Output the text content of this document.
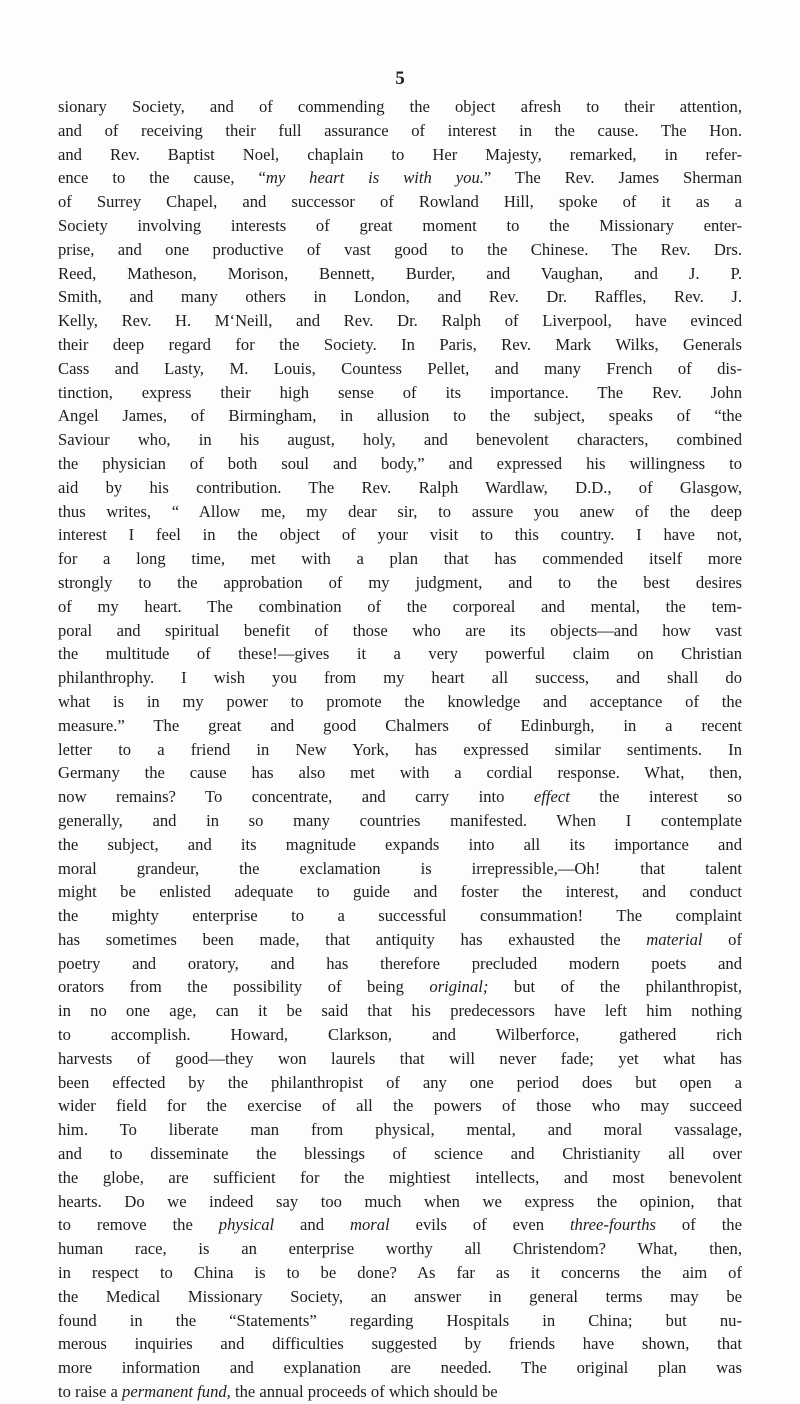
5
sionary Society, and of commending the object afresh to their attention,
and of receiving their full assurance of interest in the cause. The Hon.
and Rev. Baptist Noel, chaplain to Her Majesty, remarked, in refer-
ence to the cause, “my heart is with you.” The Rev. James Sherman
of Surrey Chapel, and successor of Rowland Hill, spoke of it as a
Society involving interests of great moment to the Missionary enter-
prise, and one productive of vast good to the Chinese. The Rev. Drs.
Reed, Matheson, Morison, Bennett, Burder, and Vaughan, and J. P.
Smith, and many others in London, and Rev. Dr. Raffles, Rev. J.
Kelly, Rev. H. M‘Neill, and Rev. Dr. Ralph of Liverpool, have evinced
their deep regard for the Society. In Paris, Rev. Mark Wilks, Generals
Cass and Lasty, M. Louis, Countess Pellet, and many French of dis-
tinction, express their high sense of its importance. The Rev. John
Angel James, of Birmingham, in allusion to the subject, speaks of “the
Saviour who, in his august, holy, and benevolent characters, combined
the physician of both soul and body,” and expressed his willingness to
aid by his contribution. The Rev. Ralph Wardlaw, D.D., of Glasgow,
thus writes, “ Allow me, my dear sir, to assure you anew of the deep
interest I feel in the object of your visit to this country. I have not,
for a long time, met with a plan that has commended itself more
strongly to the approbation of my judgment, and to the best desires
of my heart. The combination of the corporeal and mental, the tem-
poral and spiritual benefit of those who are its objects—and how vast
the multitude of these!—gives it a very powerful claim on Christian
philanthrophy. I wish you from my heart all success, and shall do
what is in my power to promote the knowledge and acceptance of the
measure.” The great and good Chalmers of Edinburgh, in a recent
letter to a friend in New York, has expressed similar sentiments. In
Germany the cause has also met with a cordial response. What, then,
now remains? To concentrate, and carry into effect the interest so
generally, and in so many countries manifested. When I contemplate
the subject, and its magnitude expands into all its importance and
moral grandeur, the exclamation is irrepressible,—Oh! that talent
might be enlisted adequate to guide and foster the interest, and conduct
the mighty enterprise to a successful consummation! The complaint
has sometimes been made, that antiquity has exhausted the material of
poetry and oratory, and has therefore precluded modern poets and
orators from the possibility of being original; but of the philanthropist,
in no one age, can it be said that his predecessors have left him nothing
to accomplish. Howard, Clarkson, and Wilberforce, gathered rich
harvests of good—they won laurels that will never fade; yet what has
been effected by the philanthropist of any one period does but open a
wider field for the exercise of all the powers of those who may succeed
him. To liberate man from physical, mental, and moral vassalage,
and to disseminate the blessings of science and Christianity all over
the globe, are sufficient for the mightiest intellects, and most benevolent
hearts. Do we indeed say too much when we express the opinion, that
to remove the physical and moral evils of even three-fourths of the
human race, is an enterprise worthy all Christendom? What, then,
in respect to China is to be done? As far as it concerns the aim of
the Medical Missionary Society, an answer in general terms may be
found in the “Statements” regarding Hospitals in China; but nu-
merous inquiries and difficulties suggested by friends have shown, that
more information and explanation are needed. The original plan was
to raise a permanent fund, the annual proceeds of which should be
